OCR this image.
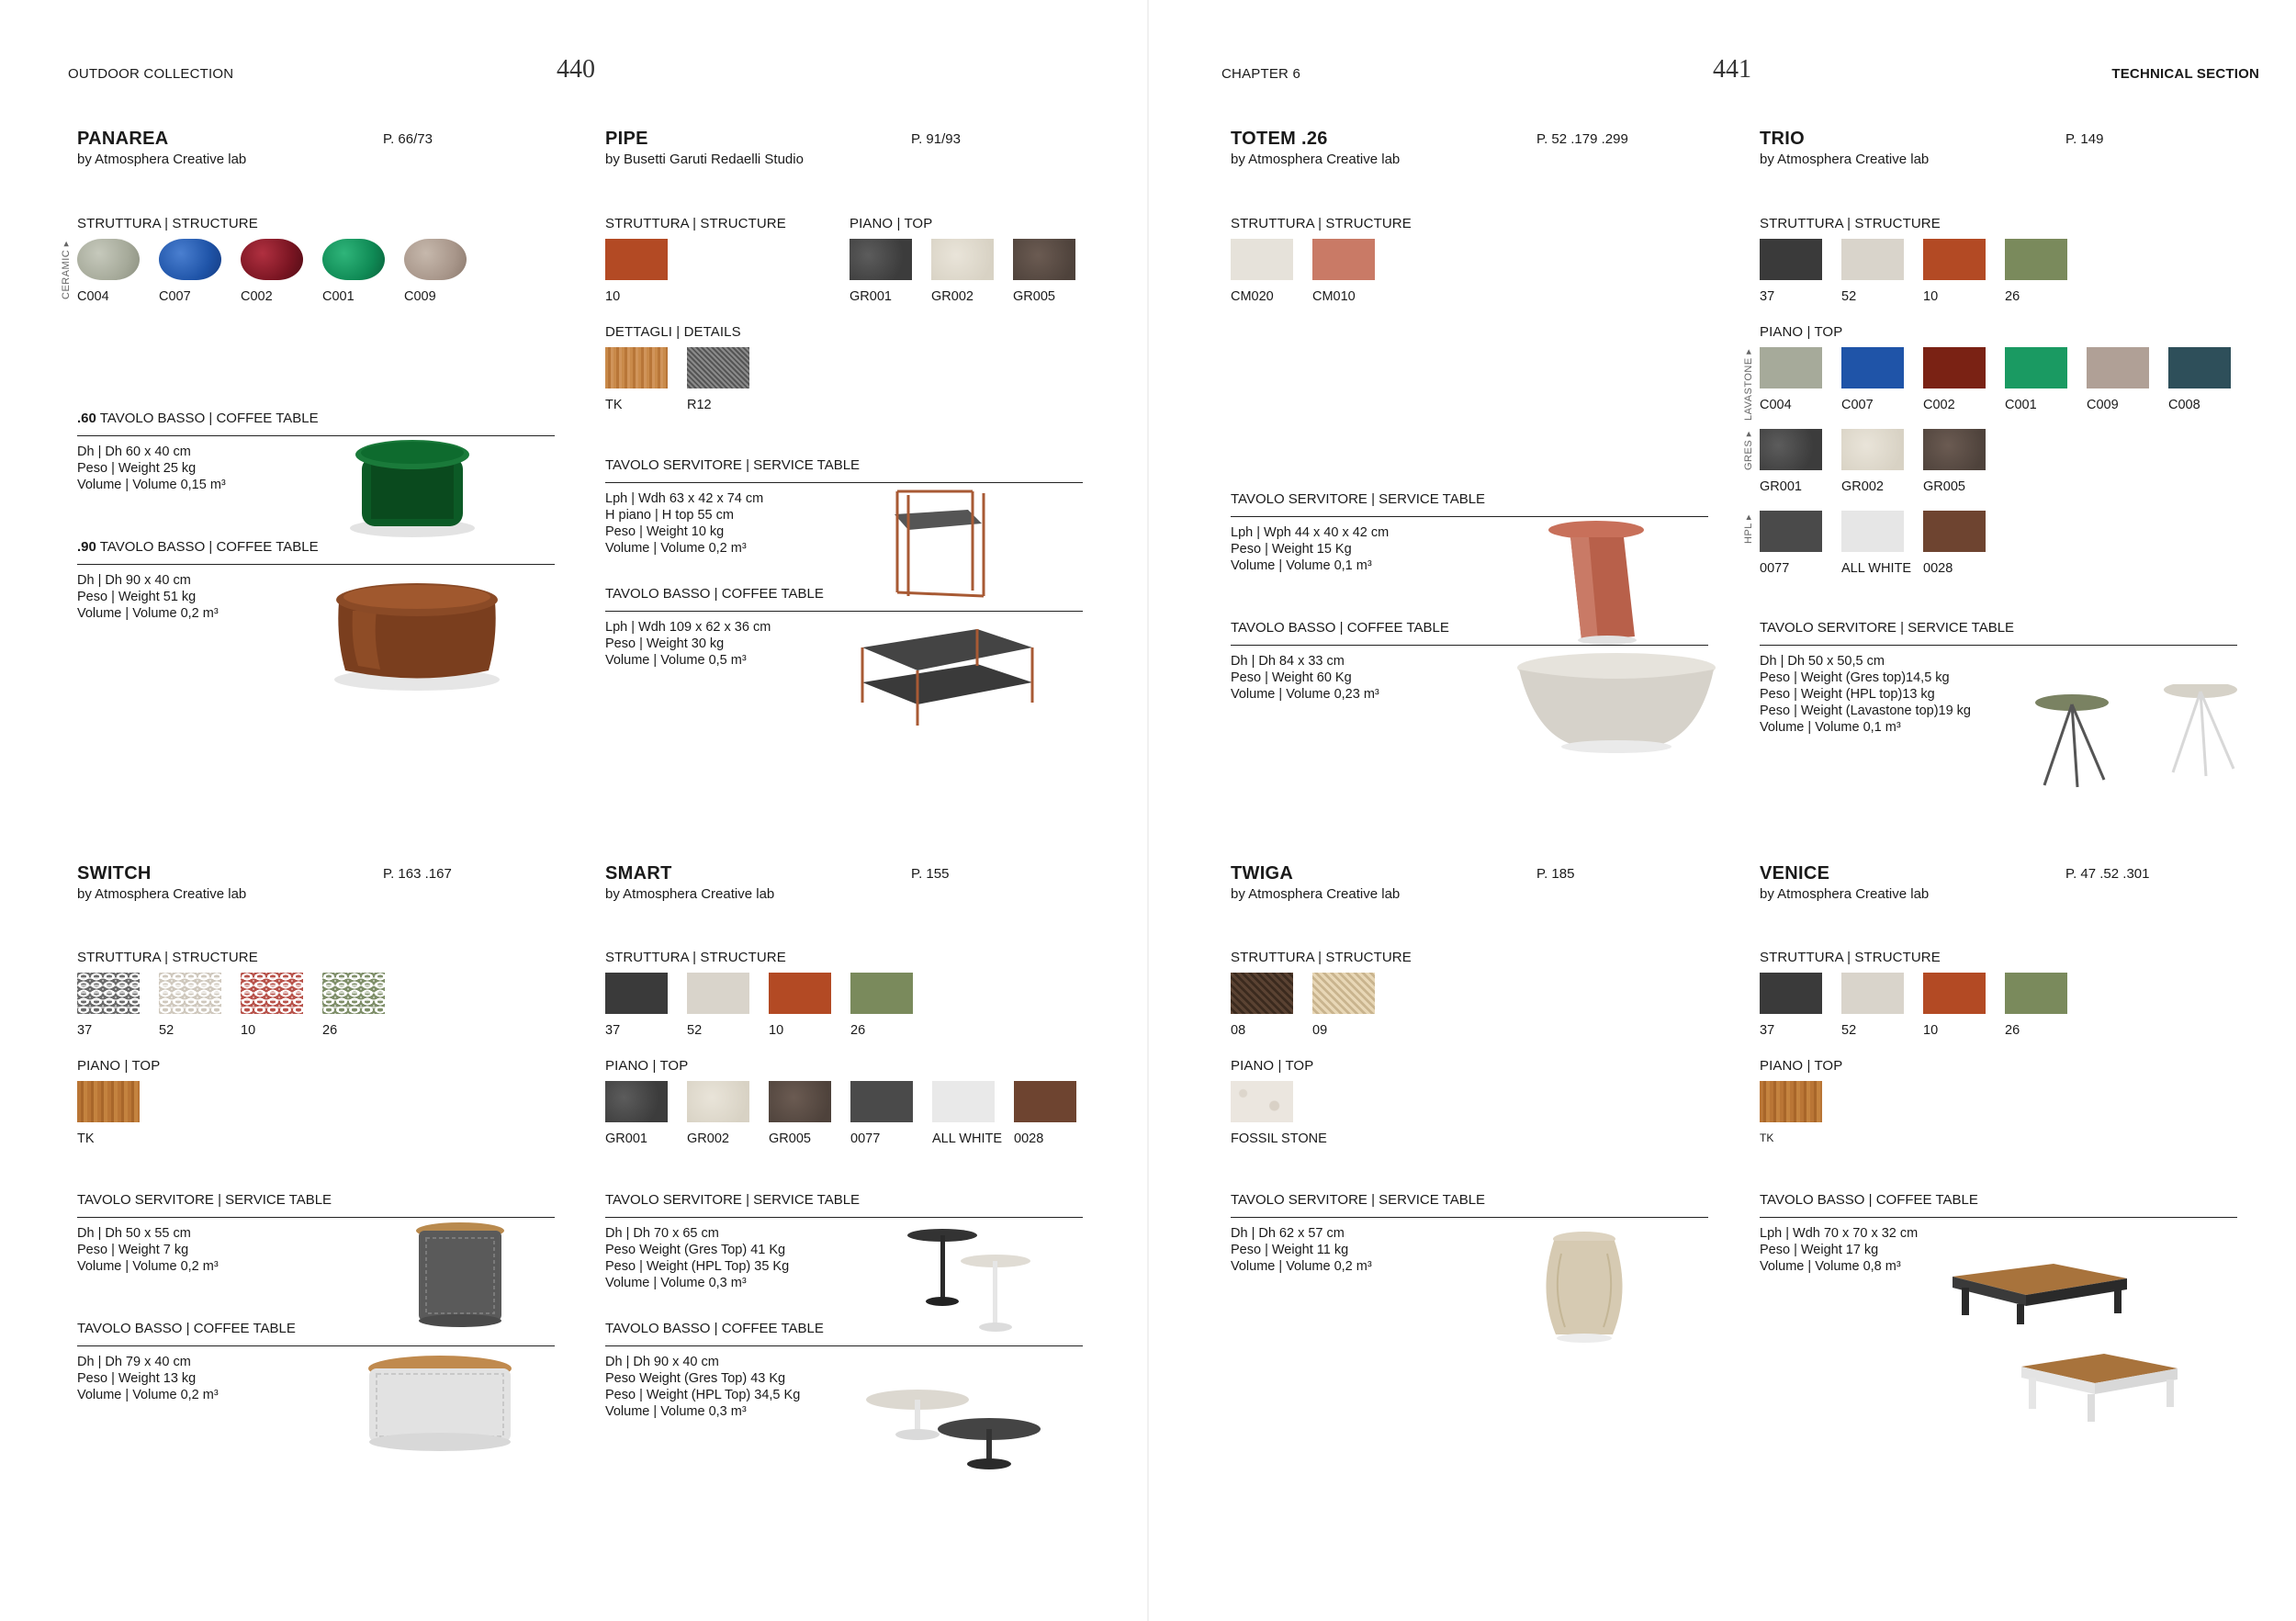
OUTDOOR COLLECTION	440
PANAREA
by Atmosphera Creative lab
P. 66/73
STRUTTURA | STRUCTURE
CERAMIC ▸
C004	C007	C002	C001	C009
.60 TAVOLO BASSO | COFFEE TABLE
Dh | Dh 60 x 40 cm
Peso | Weight 25 kg
Volume | Volume 0,15 m³
.90 TAVOLO BASSO | COFFEE TABLE
Dh | Dh 90 x 40 cm
Peso | Weight 51 kg
Volume | Volume 0,2 m³
PIPE
by Busetti Garuti Redaelli Studio
P. 91/93
STRUTTURA | STRUCTURE
10
PIANO | TOP
GR001	GR002	GR005
DETTAGLI | DETAILS
TK	R12
TAVOLO SERVITORE | SERVICE TABLE
Lph | Wdh 63 x 42 x 74 cm
H piano | H top 55 cm
Peso | Weight 10 kg
Volume | Volume 0,2 m³
TAVOLO BASSO | COFFEE TABLE
Lph | Wdh 109 x 62 x 36 cm
Peso | Weight 30 kg
Volume | Volume 0,5 m³
SWITCH
by Atmosphera Creative lab
P. 163 .167
STRUTTURA | STRUCTURE
37	52	10	26
PIANO | TOP
TK
TAVOLO SERVITORE | SERVICE TABLE
Dh | Dh 50 x 55 cm
Peso | Weight 7 kg
Volume | Volume 0,2 m³
TAVOLO BASSO | COFFEE TABLE
Dh | Dh 79 x 40 cm
Peso | Weight 13 kg
Volume | Volume 0,2 m³
SMART
by Atmosphera Creative lab
P. 155
STRUTTURA | STRUCTURE
37	52	10	26
PIANO | TOP
GR001	GR002	GR005	0077	ALL WHITE 0028
TAVOLO SERVITORE | SERVICE TABLE
Dh | Dh 70 x 65 cm
Peso Weight (Gres Top) 41 Kg
Peso | Weight (HPL Top) 35 Kg
Volume | Volume 0,3 m³
TAVOLO BASSO | COFFEE TABLE
Dh | Dh 90 x 40 cm
Peso Weight (Gres Top) 43 Kg
Peso | Weight (HPL Top) 34,5 Kg
Volume | Volume 0,3 m³
CHAPTER 6	441	TECHNICAL SECTION
TOTEM .26
by Atmosphera Creative lab
P. 52 .179 .299
STRUTTURA | STRUCTURE
CM020	CM010
TAVOLO SERVITORE | SERVICE TABLE
Lph | Wph 44 x 40 x 42 cm
Peso | Weight 15 Kg
Volume | Volume 0,1 m³
TAVOLO BASSO | COFFEE TABLE
Dh | Dh 84 x 33 cm
Peso | Weight 60 Kg
Volume | Volume 0,23 m³
TRIO
by Atmosphera Creative lab
P. 149
STRUTTURA | STRUCTURE
37	52	10	26
PIANO | TOP
LAVASTONE ▸
C004	C007	C002	C001	C009	C008
GRES ▸
GR001	GR002	GR005
HPL ▸
0077	ALL WHITE 0028
TAVOLO SERVITORE | SERVICE TABLE
Dh | Dh 50 x 50,5 cm
Peso | Weight (Gres top)14,5 kg
Peso | Weight (HPL top)13 kg
Peso | Weight (Lavastone top)19 kg
Volume | Volume 0,1 m³
TWIGA
by Atmosphera Creative lab
P. 185
STRUTTURA | STRUCTURE
08	09
PIANO | TOP
FOSSIL STONE
TAVOLO SERVITORE | SERVICE TABLE
Dh | Dh 62 x 57 cm
Peso | Weight 11 kg
Volume | Volume 0,2 m³
VENICE
by Atmosphera Creative lab
P. 47 .52 .301
STRUTTURA | STRUCTURE
37	52	10	26
PIANO | TOP
TK
TAVOLO BASSO | COFFEE TABLE
Lph | Wdh 70 x 70 x 32 cm
Peso | Weight 17 kg
Volume | Volume 0,8 m³
